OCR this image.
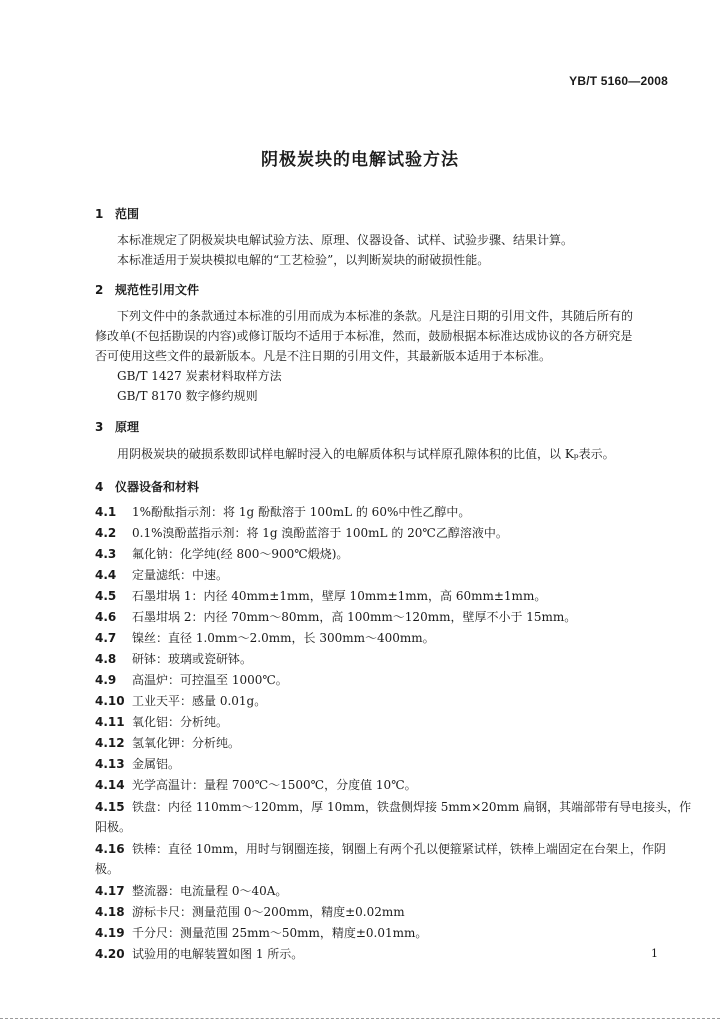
YB/T 5160—2008
阴极炭块的电解试验方法
1 范围
本标准规定了阴极炭块电解试验方法、原理、仪器设备、试样、试验步骤、结果计算。
本标准适用于炭块模拟电解的“工艺检验”，以判断炭块的耐破损性能。
2 规范性引用文件
下列文件中的条款通过本标准的引用而成为本标准的条款。凡是注日期的引用文件，其随后所有的
修改单(不包括勘误的内容)或修订版均不适用于本标准，然而，鼓励根据本标准达成协议的各方研究是
否可使用这些文件的最新版本。凡是不注日期的引用文件，其最新版本适用于本标准。
GB/T 1427 炭素材料取样方法
GB/T 8170 数字修约规则
3 原理
用阴极炭块的破损系数即试样电解时浸入的电解质体积与试样原孔隙体积的比值，以 Kₚ表示。
4 仪器设备和材料
4.1 1%酚酞指示剂：将 1g 酚酞溶于 100mL 的 60%中性乙醇中。
4.2 0.1%溴酚蓝指示剂：将 1g 溴酚蓝溶于 100mL 的 20℃乙醇溶液中。
4.3 氟化钠：化学纯(经 800～900℃煅烧)。
4.4 定量滤纸：中速。
4.5 石墨坩埚 1：内径 40mm±1mm，壁厚 10mm±1mm，高 60mm±1mm。
4.6 石墨坩埚 2：内径 70mm～80mm，高 100mm～120mm，壁厚不小于 15mm。
4.7 镍丝：直径 1.0mm～2.0mm，长 300mm～400mm。
4.8 研钵：玻璃或瓷研钵。
4.9 高温炉：可控温至 1000℃。
4.10 工业天平：感量 0.01g。
4.11 氧化铝：分析纯。
4.12 氢氧化钾：分析纯。
4.13 金属铝。
4.14 光学高温计：量程 700℃～1500℃，分度值 10℃。
4.15 铁盘：内径 110mm～120mm，厚 10mm，铁盘侧焊接 5mm×20mm 扁钢，其端部带有导电接头，作
阳极。
4.16 铁棒：直径 10mm，用时与钢圈连接，钢圈上有两个孔以便箍紧试样，铁棒上端固定在台架上，作阴
极。
4.17 整流器：电流量程 0～40A。
4.18 游标卡尺：测量范围 0～200mm，精度±0.02mm
4.19 千分尺：测量范围 25mm～50mm，精度±0.01mm。
4.20 试验用的电解装置如图 1 所示。	1
